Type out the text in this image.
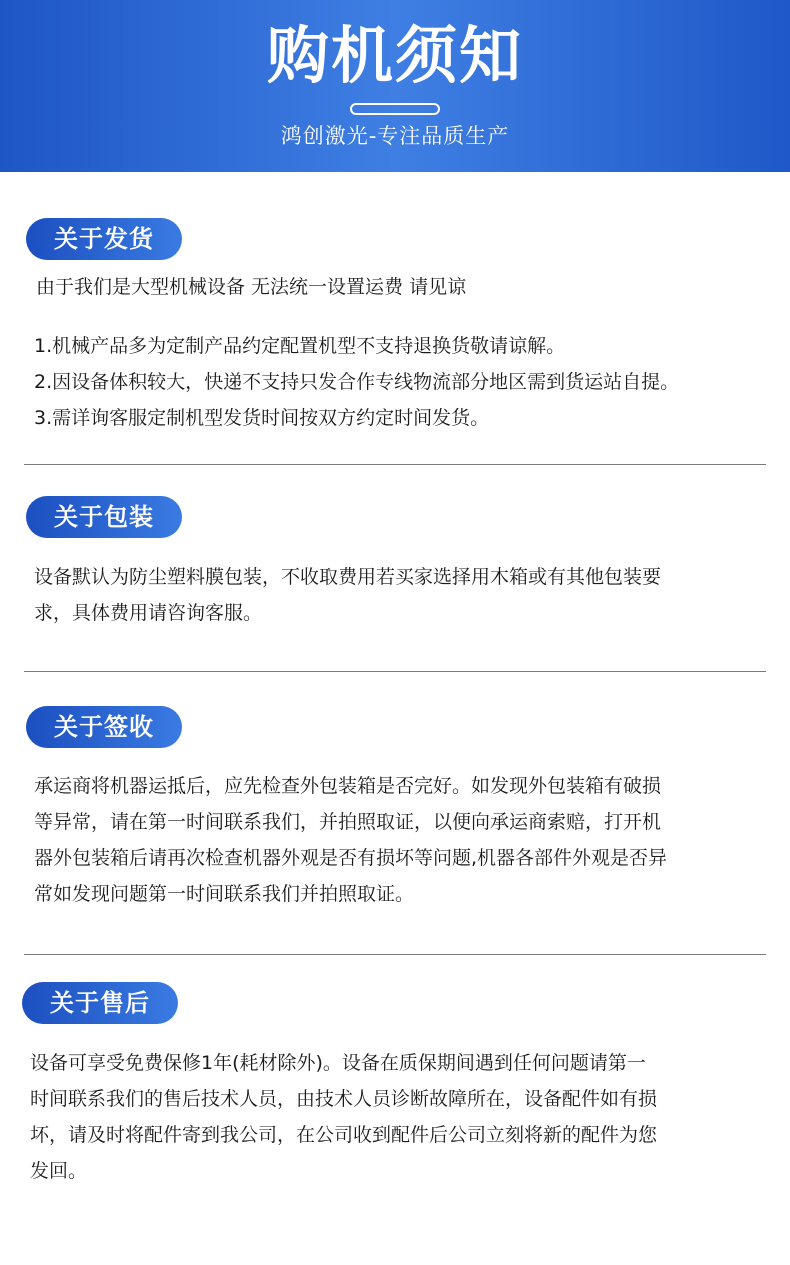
购机须知
鸿创激光-专注品质生产
关于发货
由于我们是大型机械设备 无法统一设置运费 请见谅
1.机械产品多为定制产品约定配置机型不支持退换货敬请谅解。
2.因设备体积较大，快递不支持只发合作专线物流部分地区需到货运站自提。
3.需详询客服定制机型发货时间按双方约定时间发货。
关于包装
设备默认为防尘塑料膜包装，不收取费用若买家选择用木箱或有其他包装要
求，具体费用请咨询客服。
关于签收
承运商将机器运抵后，应先检查外包装箱是否完好。如发现外包装箱有破损
等异常，请在第一时间联系我们，并拍照取证，以便向承运商索赔，打开机
器外包装箱后请再次检查机器外观是否有损坏等问题,机器各部件外观是否异
常如发现问题第一时间联系我们并拍照取证。
关于售后
设备可享受免费保修1年(耗材除外)。设备在质保期间遇到任何问题请第一
时间联系我们的售后技术人员，由技术人员诊断故障所在，设备配件如有损
坏，请及时将配件寄到我公司，在公司收到配件后公司立刻将新的配件为您
发回。
